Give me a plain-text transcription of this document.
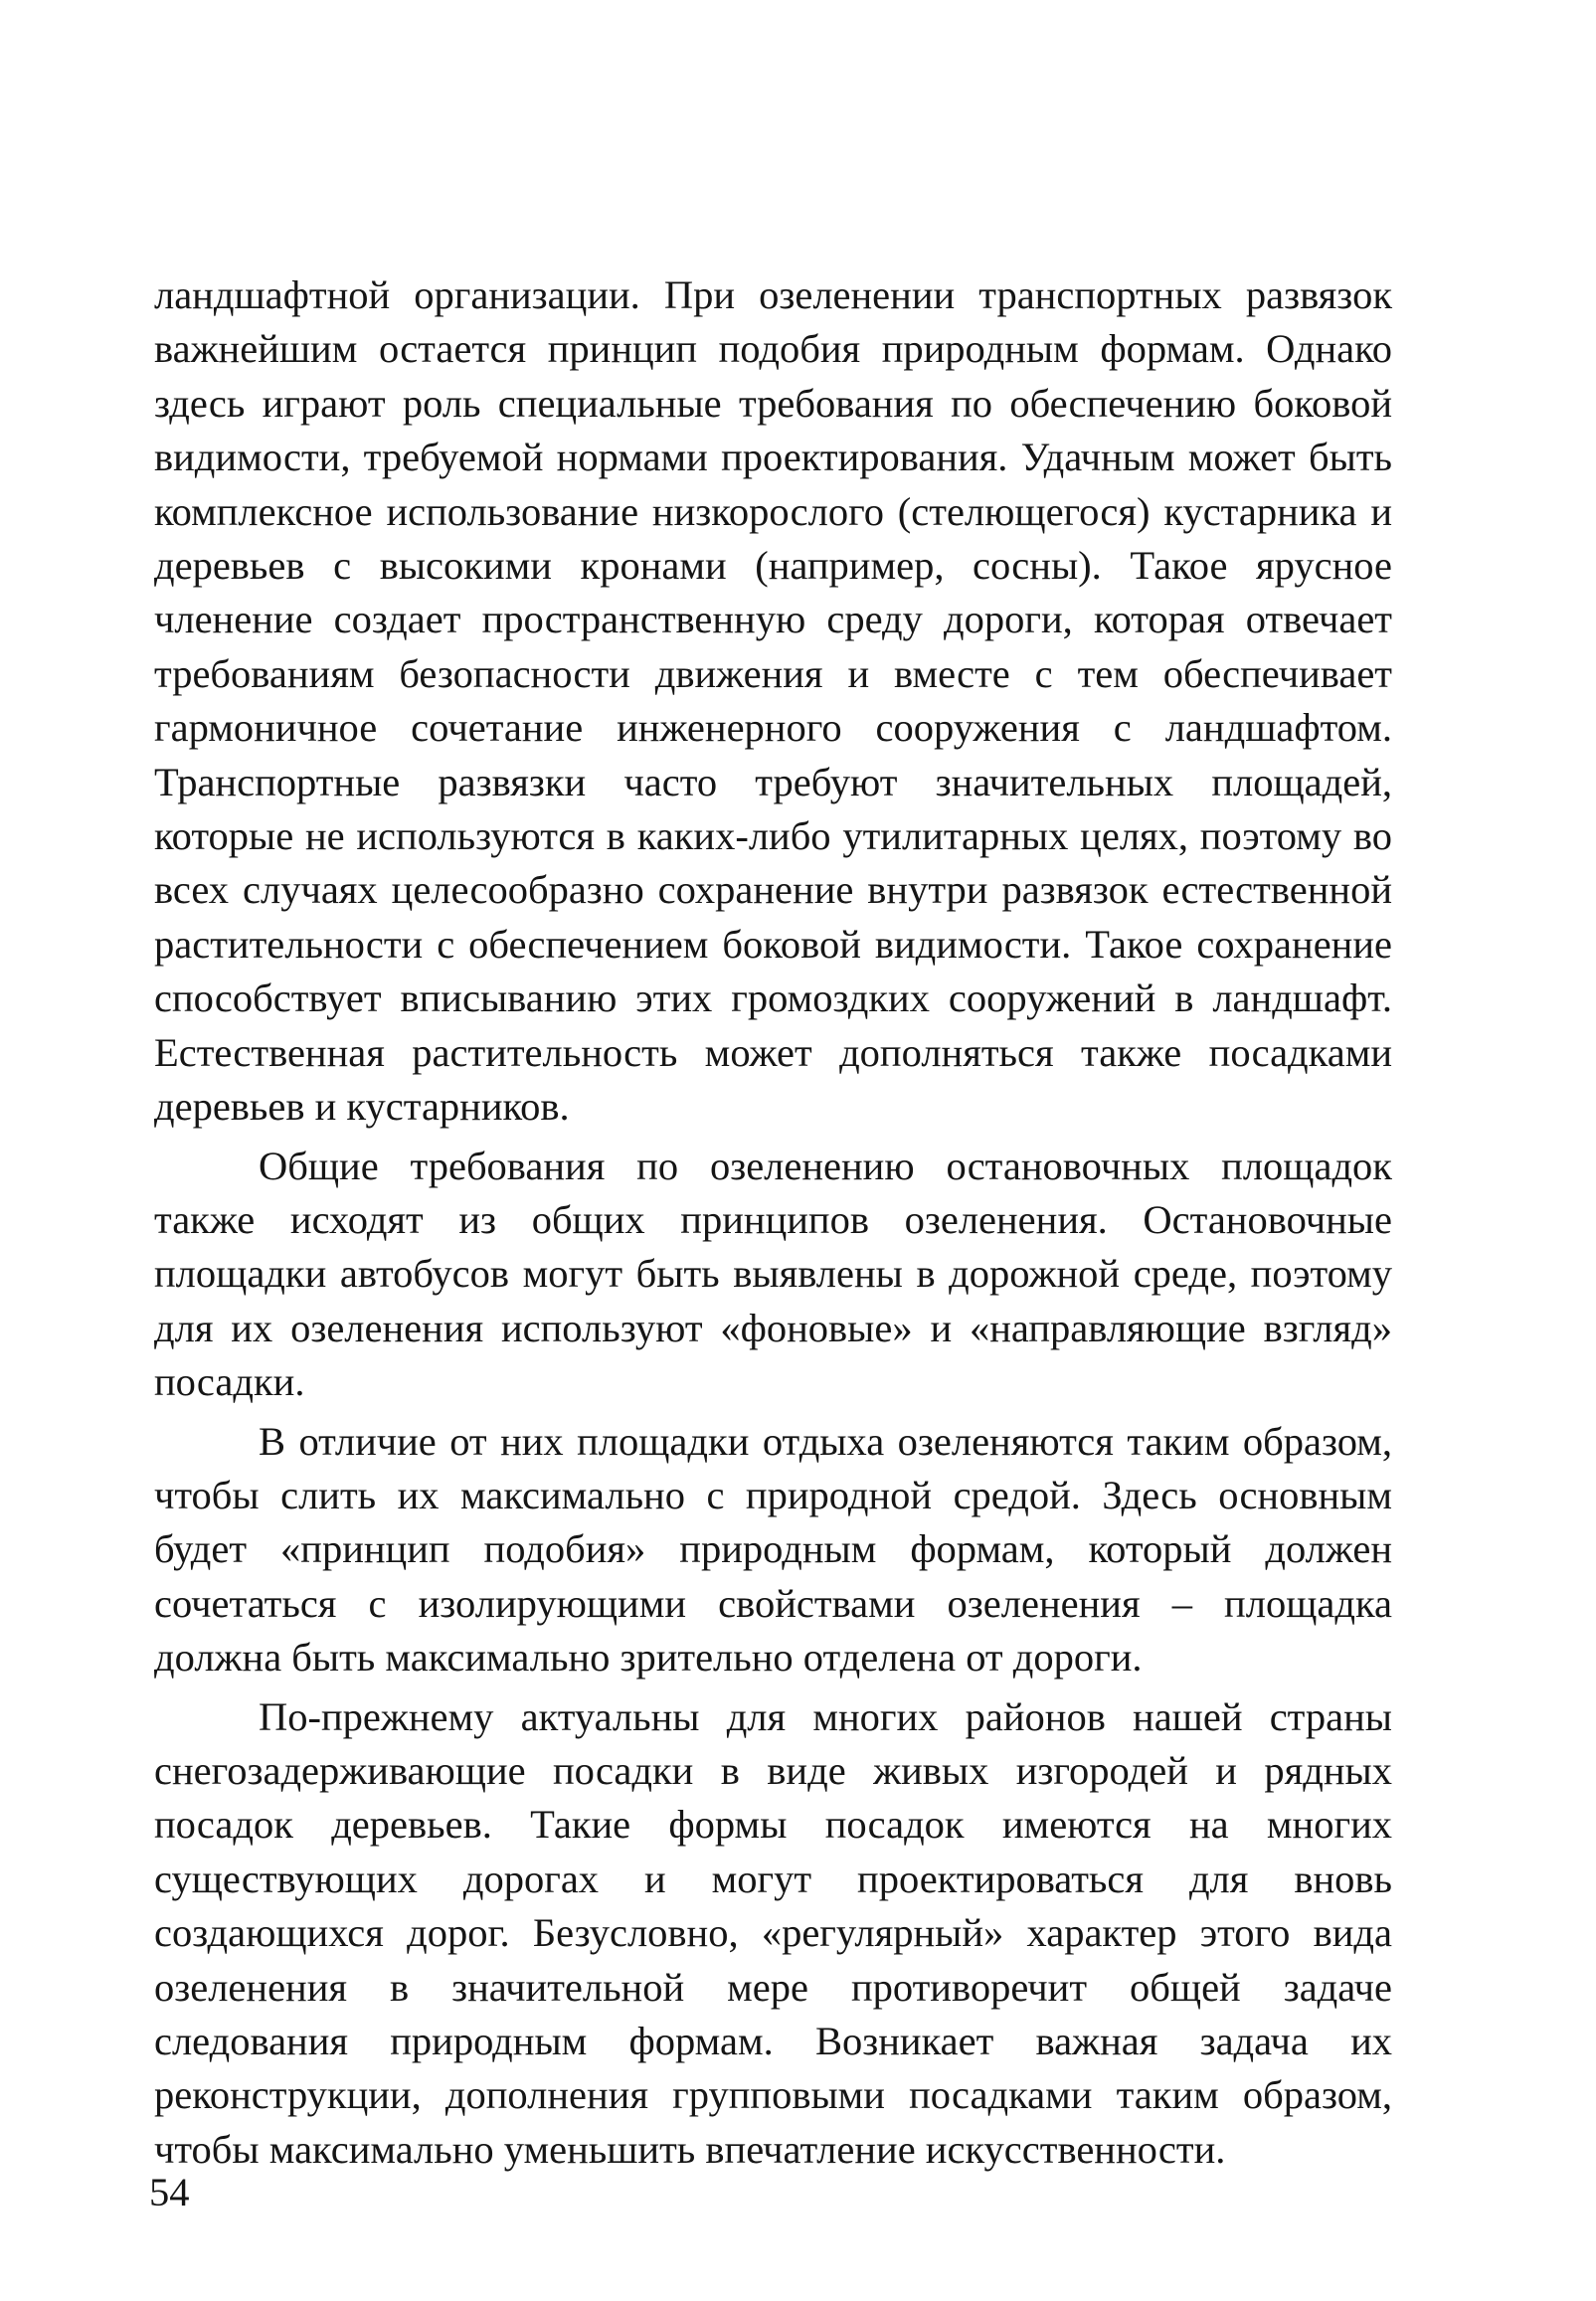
ландшафтной организации. При озеленении транспортных развязок важнейшим остается принцип подобия природным формам. Однако здесь играют роль специальные требования по обеспечению боковой видимости, требуемой нормами проектирования. Удачным может быть комплексное использование низкорослого (стелющегося) кустарника и деревьев с высокими кронами (например, сосны). Такое ярусное членение создает пространственную среду дороги, которая отвечает требованиям безопасности движения и вместе с тем обеспечивает гармоничное сочетание инженерного сооружения с ландшафтом. Транспортные развязки часто требуют значительных площадей, которые не используются в каких-либо утилитарных целях, поэтому во всех случаях целесообразно сохранение внутри развязок естественной растительности с обеспечением боковой видимости. Такое сохранение способствует вписыванию этих громоздких сооружений в ландшафт. Естественная растительность может дополняться также посадками деревьев и кустарников.

Общие требования по озеленению остановочных площадок также исходят из общих принципов озеленения. Остановочные площадки автобусов могут быть выявлены в дорожной среде, поэтому для их озеленения используют «фоновые» и «направляющие взгляд» посадки.

В отличие от них площадки отдыха озеленяются таким образом, чтобы слить их максимально с природной средой. Здесь основным будет «принцип подобия» природным формам, который должен сочетаться с изолирующими свойствами озеленения – площадка должна быть максимально зрительно отделена от дороги.

По-прежнему актуальны для многих районов нашей страны снегозадерживающие посадки в виде живых изгородей и рядных посадок деревьев. Такие формы посадок имеются на многих существующих дорогах и могут проектироваться для вновь создающихся дорог. Безусловно, «регулярный» характер этого вида озеленения в значительной мере противоречит общей задаче следования природным формам. Возникает важная задача их реконструкции, дополнения групповыми посадками таким образом, чтобы максимально уменьшить впечатление искусственности.

54
